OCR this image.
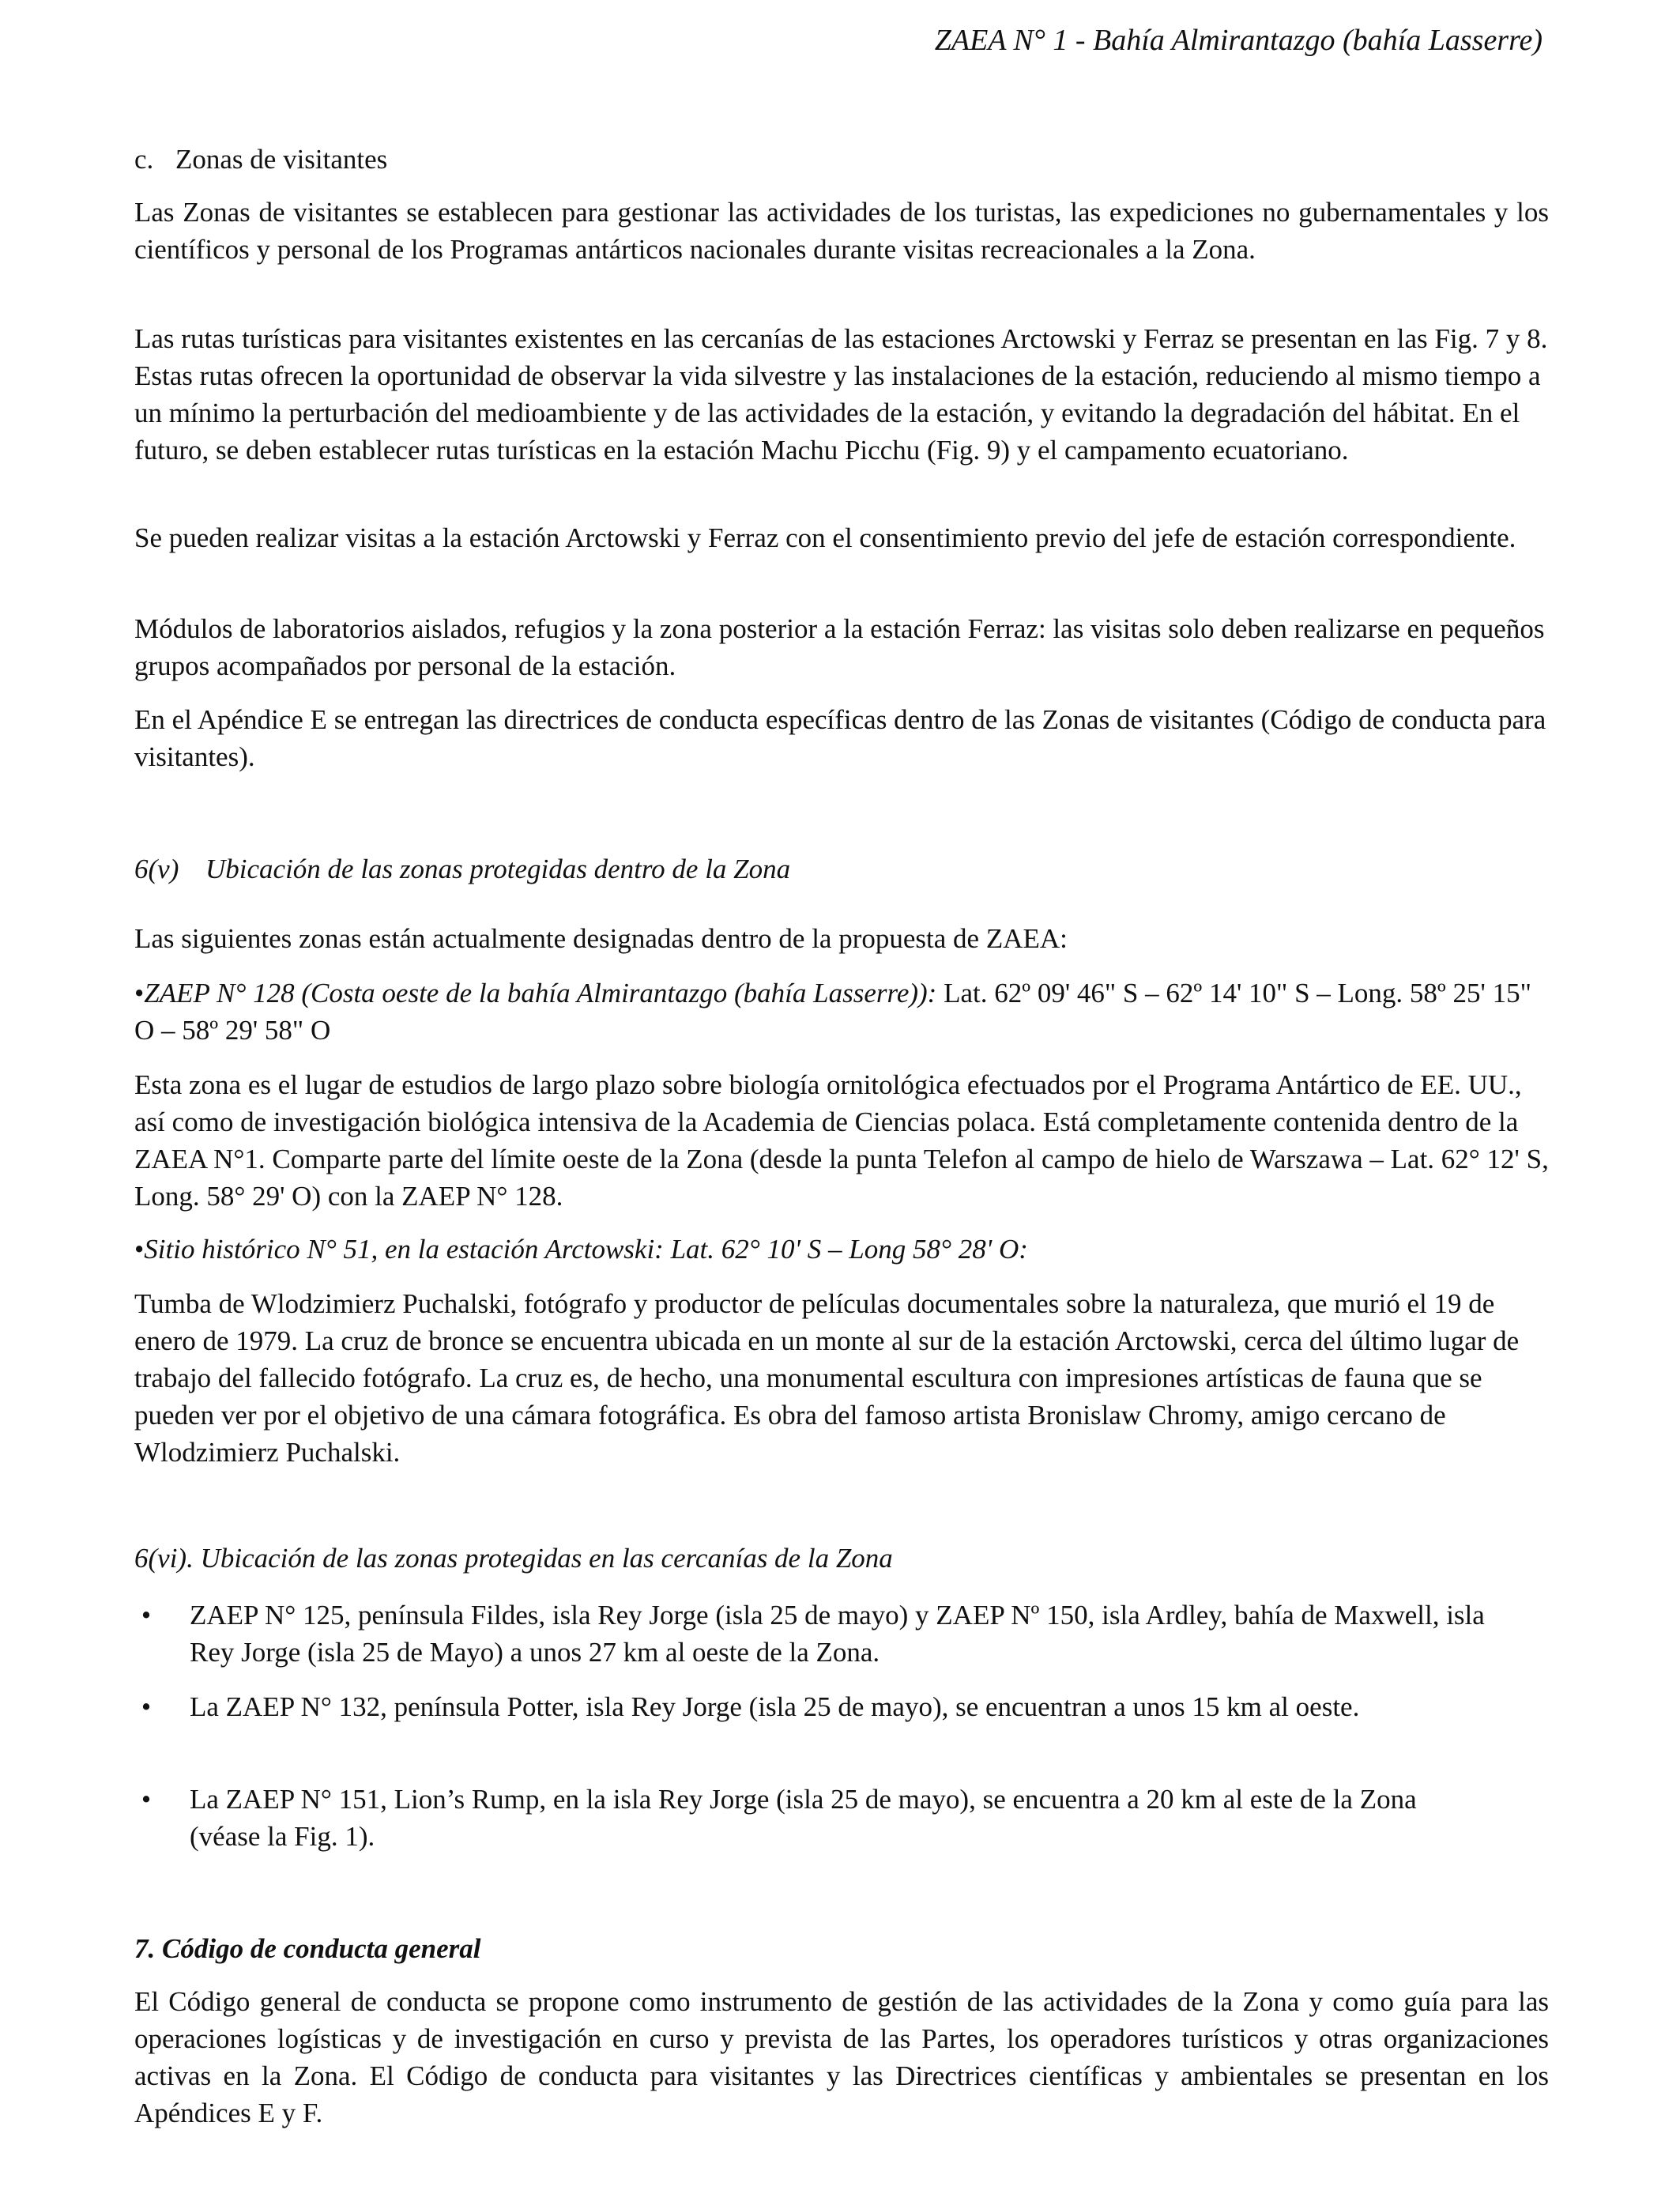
ZAEA N° 1 - Bahía Almirantazgo (bahía Lasserre)
c. Zonas de visitantes

Las Zonas de visitantes se establecen para gestionar las actividades de los turistas, las expediciones no gubernamentales y los científicos y personal de los Programas antárticos nacionales durante visitas recreacionales a la Zona.

Las rutas turísticas para visitantes existentes en las cercanías de las estaciones Arctowski y Ferraz se presentan en las Fig. 7 y 8. Estas rutas ofrecen la oportunidad de observar la vida silvestre y las instalaciones de la estación, reduciendo al mismo tiempo a un mínimo la perturbación del medioambiente y de las actividades de la estación, y evitando la degradación del hábitat. En el futuro, se deben establecer rutas turísticas en la estación Machu Picchu (Fig. 9) y el campamento ecuatoriano.

Se pueden realizar visitas a la estación Arctowski y Ferraz con el consentimiento previo del jefe de estación correspondiente.

Módulos de laboratorios aislados, refugios y la zona posterior a la estación Ferraz: las visitas solo deben realizarse en pequeños grupos acompañados por personal de la estación.

En el Apéndice E se entregan las directrices de conducta específicas dentro de las Zonas de visitantes (Código de conducta para visitantes).

6(v) Ubicación de las zonas protegidas dentro de la Zona

Las siguientes zonas están actualmente designadas dentro de la propuesta de ZAEA:

•ZAEP N° 128 (Costa oeste de la bahía Almirantazgo (bahía Lasserre)): Lat. 62º 09' 46" S – 62º 14' 10" S – Long. 58º 25' 15" O – 58º 29' 58" O

Esta zona es el lugar de estudios de largo plazo sobre biología ornitológica efectuados por el Programa Antártico de EE. UU., así como de investigación biológica intensiva de la Academia de Ciencias polaca. Está completamente contenida dentro de la ZAEA N°1. Comparte parte del límite oeste de la Zona (desde la punta Telefon al campo de hielo de Warszawa – Lat. 62° 12' S, Long. 58° 29' O) con la ZAEP N° 128.

•Sitio histórico N° 51, en la estación Arctowski: Lat. 62° 10' S – Long 58° 28' O:

Tumba de Wlodzimierz Puchalski, fotógrafo y productor de películas documentales sobre la naturaleza, que murió el 19 de enero de 1979. La cruz de bronce se encuentra ubicada en un monte al sur de la estación Arctowski, cerca del último lugar de trabajo del fallecido fotógrafo. La cruz es, de hecho, una monumental escultura con impresiones artísticas de fauna que se pueden ver por el objetivo de una cámara fotográfica. Es obra del famoso artista Bronislaw Chromy, amigo cercano de Wlodzimierz Puchalski.

6(vi). Ubicación de las zonas protegidas en las cercanías de la Zona
• ZAEP N° 125, península Fildes, isla Rey Jorge (isla 25 de mayo) y ZAEP Nº 150, isla Ardley, bahía de Maxwell, isla Rey Jorge (isla 25 de Mayo) a unos 27 km al oeste de la Zona.
• La ZAEP N° 132, península Potter, isla Rey Jorge (isla 25 de mayo), se encuentran a unos 15 km al oeste.
• La ZAEP N° 151, Lion’s Rump, en la isla Rey Jorge (isla 25 de mayo), se encuentra a 20 km al este de la Zona (véase la Fig. 1).
7. Código de conducta general

El Código general de conducta se propone como instrumento de gestión de las actividades de la Zona y como guía para las operaciones logísticas y de investigación en curso y prevista de las Partes, los operadores turísticos y otras organizaciones activas en la Zona. El Código de conducta para visitantes y las Directrices científicas y ambientales se presentan en los Apéndices E y F.
